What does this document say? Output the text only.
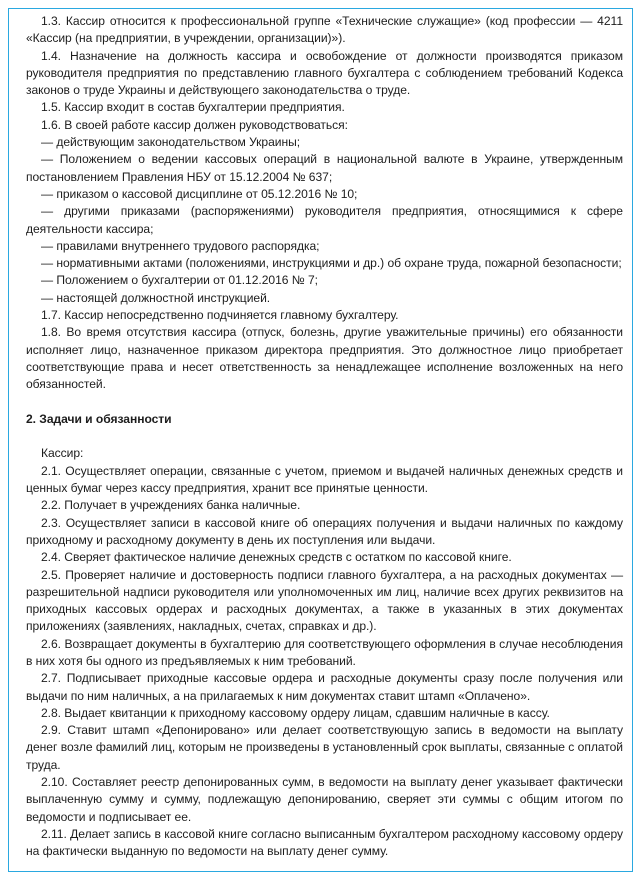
1.3. Кассир относится к профессиональной группе «Технические служащие» (код профессии — 4211 «Кассир (на предприятии, в учреждении, организации)»).

1.4. Назначение на должность кассира и освобождение от должности производятся приказом руководителя предприятия по представлению главного бухгалтера с соблюдением требований Кодекса законов о труде Украины и действующего законодательства о труде.

1.5. Кассир входит в состав бухгалтерии предприятия.

1.6. В своей работе кассир должен руководствоваться:

— действующим законодательством Украины;

— Положением о ведении кассовых операций в национальной валюте в Украине, утвержденным постановлением Правления НБУ от 15.12.2004 № 637;

— приказом о кассовой дисциплине от 05.12.2016 № 10;

— другими приказами (распоряжениями) руководителя предприятия, относящимися к сфере деятельности кассира;

— правилами внутреннего трудового распорядка;

— нормативными актами (положениями, инструкциями и др.) об охране труда, пожарной безопасности;

— Положением о бухгалтерии от 01.12.2016 № 7;

— настоящей должностной инструкцией.

1.7. Кассир непосредственно подчиняется главному бухгалтеру.

1.8. Во время отсутствия кассира (отпуск, болезнь, другие уважительные причины) его обязанности исполняет лицо, назначенное приказом директора предприятия. Это должностное лицо приобретает соответствующие права и несет ответственность за ненадлежащее исполнение возложенных на него обязанностей.

2. Задачи и обязанности

Кассир:

2.1. Осуществляет операции, связанные с учетом, приемом и выдачей наличных денежных средств и ценных бумаг через кассу предприятия, хранит все принятые ценности.

2.2. Получает в учреждениях банка наличные.

2.3. Осуществляет записи в кассовой книге об операциях получения и выдачи наличных по каждому приходному и расходному документу в день их поступления или выдачи.

2.4. Сверяет фактическое наличие денежных средств с остатком по кассовой книге.

2.5. Проверяет наличие и достоверность подписи главного бухгалтера, а на расходных документах — разрешительной надписи руководителя или уполномоченных им лиц, наличие всех других реквизитов на приходных кассовых ордерах и расходных документах, а также в указанных в этих документах приложениях (заявлениях, накладных, счетах, справках и др.).

2.6. Возвращает документы в бухгалтерию для соответствующего оформления в случае несоблюдения в них хотя бы одного из предъявляемых к ним требований.

2.7. Подписывает приходные кассовые ордера и расходные документы сразу после получения или выдачи по ним наличных, а на прилагаемых к ним документах ставит штамп «Оплачено».

2.8. Выдает квитанции к приходному кассовому ордеру лицам, сдавшим наличные в кассу.

2.9. Ставит штамп «Депонировано» или делает соответствующую запись в ведомости на выплату денег возле фамилий лиц, которым не произведены в установленный срок выплаты, связанные с оплатой труда.

2.10. Составляет реестр депонированных сумм, в ведомости на выплату денег указывает фактически выплаченную сумму и сумму, подлежащую депонированию, сверяет эти суммы с общим итогом по ведомости и подписывает ее.

2.11. Делает запись в кассовой книге согласно выписанным бухгалтером расходному кассовому ордеру на фактически выданную по ведомости на выплату денег сумму.
